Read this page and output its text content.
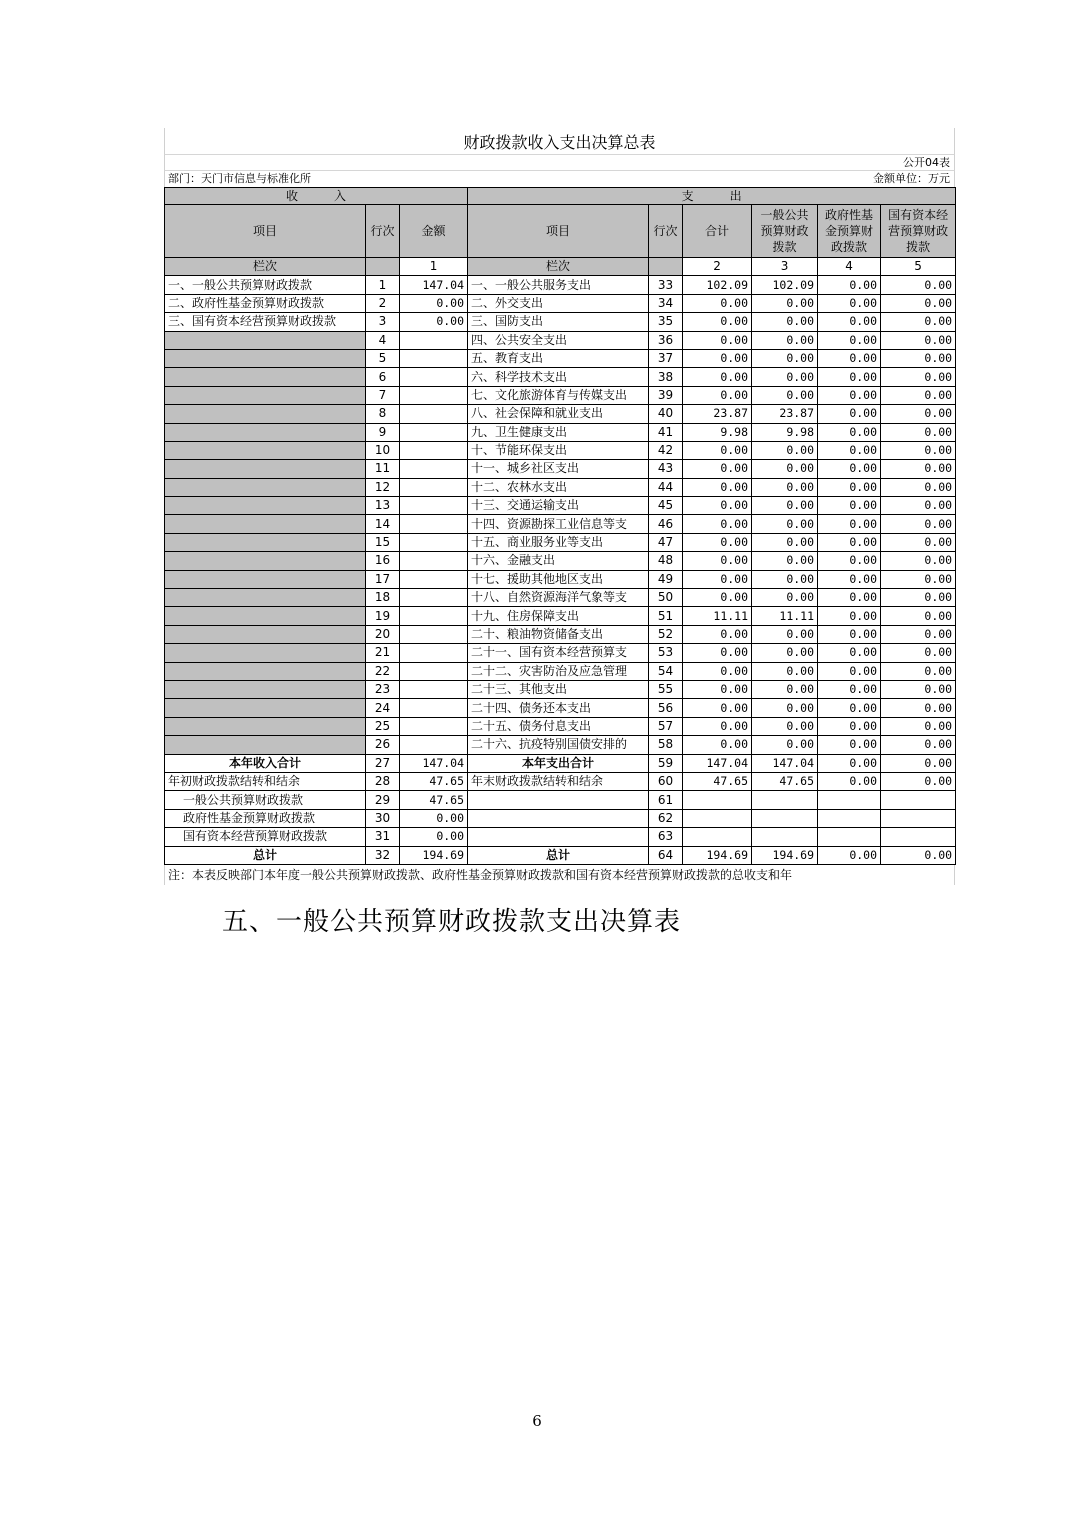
财政拨款收入支出决算总表
公开04表
部门：天门市信息与标准化所	金额单位：万元
收　　　入			支　　　出					
项目	行次	金额	项目	行次	合计	一般公共预算财政拨款	政府性基金预算财政拨款	国有资本经营预算财政拨款
栏次		1	栏次		2	3	4	5
一、一般公共预算财政拨款	1	147.04	一、一般公共服务支出	33	102.09	102.09	0.00	0.00
二、政府性基金预算财政拨款	2	0.00	二、外交支出	34	0.00	0.00	0.00	0.00
三、国有资本经营预算财政拨款	3	0.00	三、国防支出	35	0.00	0.00	0.00	0.00
	4		四、公共安全支出	36	0.00	0.00	0.00	0.00
	5		五、教育支出	37	0.00	0.00	0.00	0.00
	6		六、科学技术支出	38	0.00	0.00	0.00	0.00
	7		七、文化旅游体育与传媒支出	39	0.00	0.00	0.00	0.00
	8		八、社会保障和就业支出	40	23.87	23.87	0.00	0.00
	9		九、卫生健康支出	41	9.98	9.98	0.00	0.00
	10		十、节能环保支出	42	0.00	0.00	0.00	0.00
	11		十一、城乡社区支出	43	0.00	0.00	0.00	0.00
	12		十二、农林水支出	44	0.00	0.00	0.00	0.00
	13		十三、交通运输支出	45	0.00	0.00	0.00	0.00
	14		十四、资源勘探工业信息等支	46	0.00	0.00	0.00	0.00
	15		十五、商业服务业等支出	47	0.00	0.00	0.00	0.00
	16		十六、金融支出	48	0.00	0.00	0.00	0.00
	17		十七、援助其他地区支出	49	0.00	0.00	0.00	0.00
	18		十八、自然资源海洋气象等支	50	0.00	0.00	0.00	0.00
	19		十九、住房保障支出	51	11.11	11.11	0.00	0.00
	20		二十、粮油物资储备支出	52	0.00	0.00	0.00	0.00
	21		二十一、国有资本经营预算支	53	0.00	0.00	0.00	0.00
	22		二十二、灾害防治及应急管理	54	0.00	0.00	0.00	0.00
	23		二十三、其他支出	55	0.00	0.00	0.00	0.00
	24		二十四、债务还本支出	56	0.00	0.00	0.00	0.00
	25		二十五、债务付息支出	57	0.00	0.00	0.00	0.00
	26		二十六、抗疫特别国债安排的	58	0.00	0.00	0.00	0.00
本年收入合计	27	147.04	本年支出合计	59	147.04	147.04	0.00	0.00
年初财政拨款结转和结余	28	47.65	年末财政拨款结转和结余	60	47.65	47.65	0.00	0.00
一般公共预算财政拨款	29	47.65		61				
政府性基金预算财政拨款	30	0.00		62				
国有资本经营预算财政拨款	31	0.00		63				
总计	32	194.69	总计	64	194.69	194.69	0.00	0.00
注：本表反映部门本年度一般公共预算财政拨款、政府性基金预算财政拨款和国有资本经营预算财政拨款的总收支和年
五、一般公共预算财政拨款支出决算表
6
